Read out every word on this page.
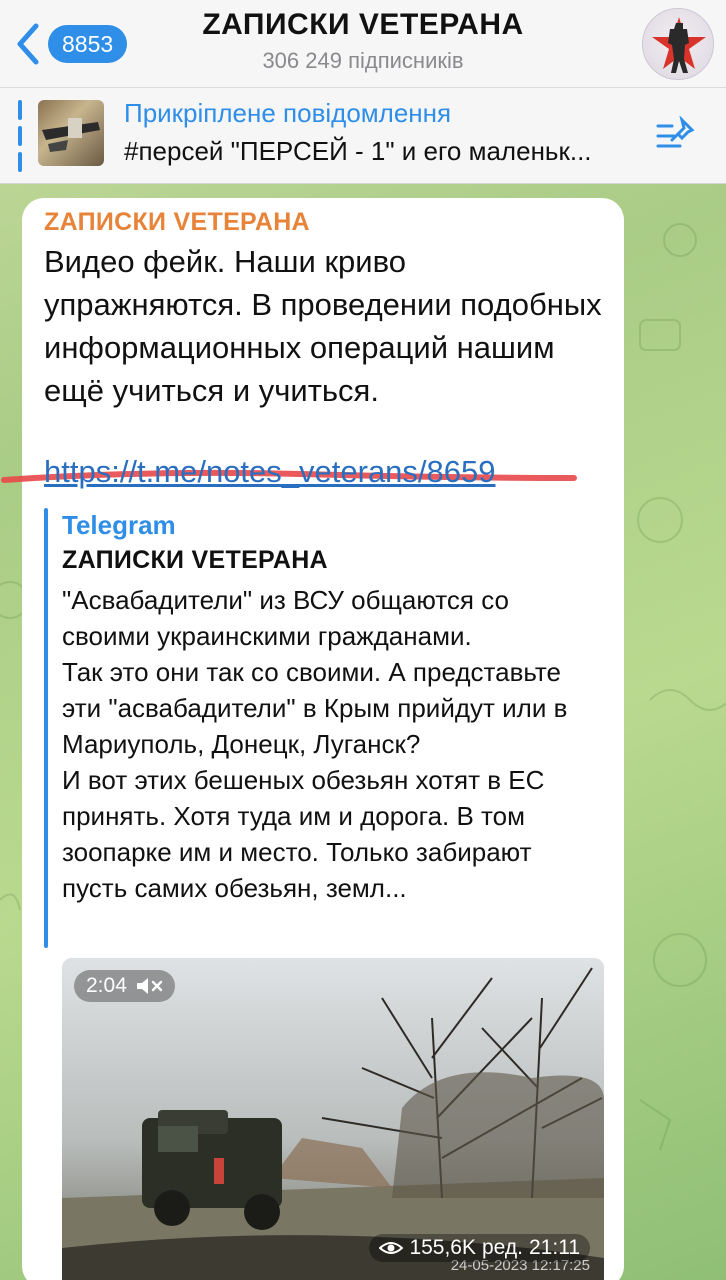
8853
ZАПИСКИ VЕТЕРАНА
306 249 підписників
Прикріплене повідомлення
#персей "ПЕРСЕЙ - 1" и его маленьк...
ZАПИСКИ VЕТЕРАНА
Видео фейк. Наши криво упражняются. В проведении подобных информационных операций нашим ещё учиться и учиться.
https://t.me/notes_veterans/8659
Telegram
ZАПИСКИ VЕТЕРАНА
"Асвабадители" из ВСУ общаются со своими украинскими гражданами.
Так это они так со своими. А представьте эти "асвабадители" в Крым прийдут или в Мариуполь, Донецк, Луганск?
И вот этих бешеных обезьян хотят в ЕС принять. Хотя туда им и дорога. В том зоопарке им и место. Только забирают пусть самих обезьян, земл...
2:04
24-05-2023 12:17:25
155,6K ред. 21:11
